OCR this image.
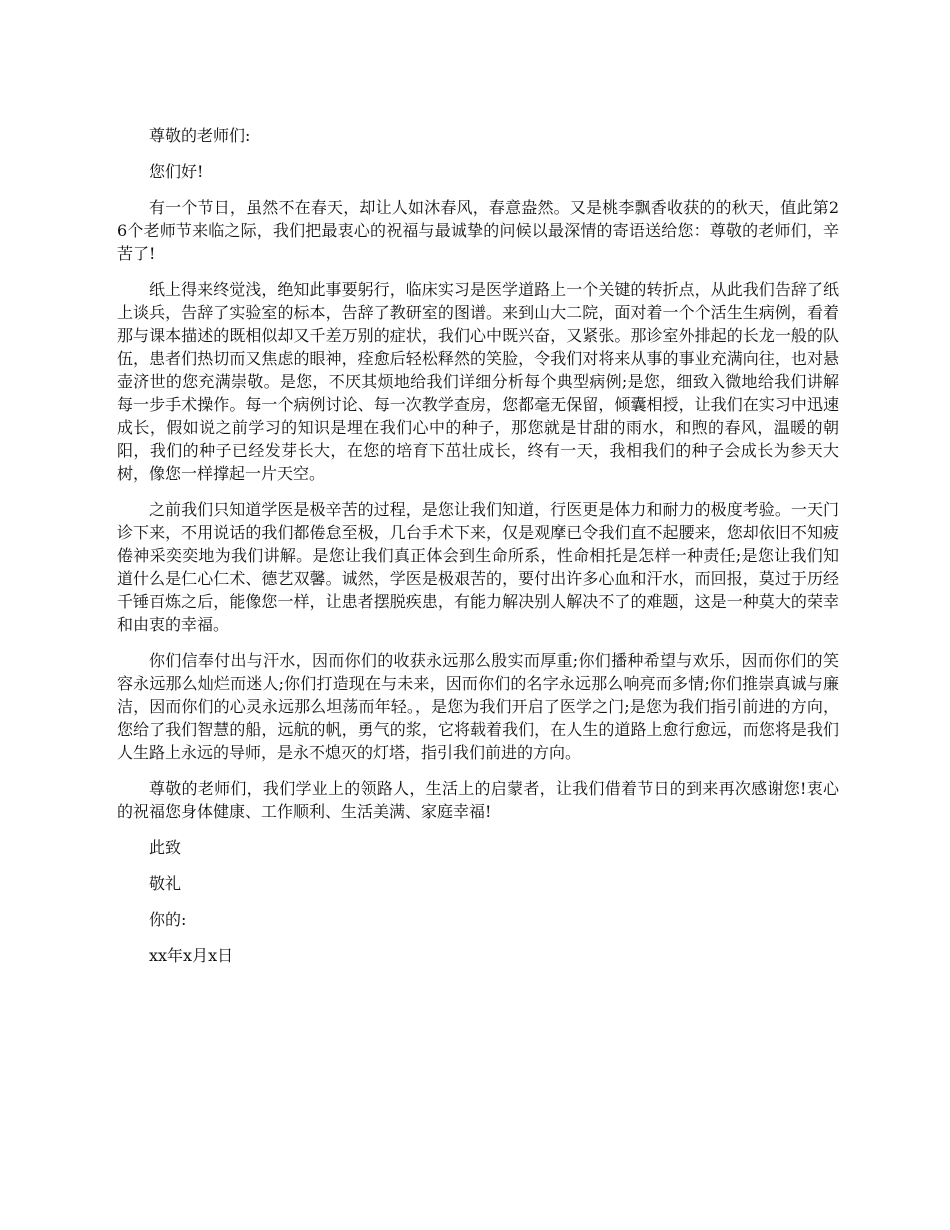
尊敬的老师们:

您们好!

有一个节日，虽然不在春天，却让人如沐春风，春意盎然。又是桃李飘香收获的的秋天，值此第26个老师节来临之际，我们把最衷心的祝福与最诚挚的问候以最深情的寄语送给您：尊敬的老师们，辛苦了!

纸上得来终觉浅，绝知此事要躬行，临床实习是医学道路上一个关键的转折点，从此我们告辞了纸上谈兵，告辞了实验室的标本，告辞了教研室的图谱。来到山大二院，面对着一个个活生生病例，看着那与课本描述的既相似却又千差万别的症状，我们心中既兴奋，又紧张。那诊室外排起的长龙一般的队伍，患者们热切而又焦虑的眼神，痊愈后轻松释然的笑脸，令我们对将来从事的事业充满向往，也对悬壶济世的您充满崇敬。是您，不厌其烦地给我们详细分析每个典型病例;是您，细致入微地给我们讲解每一步手术操作。每一个病例讨论、每一次教学查房，您都毫无保留，倾囊相授，让我们在实习中迅速成长，假如说之前学习的知识是埋在我们心中的种子，那您就是甘甜的雨水，和煦的春风，温暖的朝阳，我们的种子已经发芽长大，在您的培育下茁壮成长，终有一天，我相我们的种子会成长为参天大树，像您一样撑起一片天空。

之前我们只知道学医是极辛苦的过程，是您让我们知道，行医更是体力和耐力的极度考验。一天门诊下来，不用说话的我们都倦怠至极，几台手术下来，仅是观摩已令我们直不起腰来，您却依旧不知疲倦神采奕奕地为我们讲解。是您让我们真正体会到生命所系，性命相托是怎样一种责任;是您让我们知道什么是仁心仁术、德艺双馨。诚然，学医是极艰苦的，要付出许多心血和汗水，而回报，莫过于历经千锤百炼之后，能像您一样，让患者摆脱疾患，有能力解决别人解决不了的难题，这是一种莫大的荣幸和由衷的幸福。

你们信奉付出与汗水，因而你们的收获永远那么殷实而厚重;你们播种希望与欢乐，因而你们的笑容永远那么灿烂而迷人;你们打造现在与未来，因而你们的名字永远那么响亮而多情;你们推崇真诚与廉洁，因而你们的心灵永远那么坦荡而年轻。，是您为我们开启了医学之门;是您为我们指引前进的方向，您给了我们智慧的船，远航的帆，勇气的浆，它将载着我们，在人生的道路上愈行愈远，而您将是我们人生路上永远的导师，是永不熄灭的灯塔，指引我们前进的方向。

尊敬的老师们，我们学业上的领路人，生活上的启蒙者，让我们借着节日的到来再次感谢您!衷心的祝福您身体健康、工作顺利、生活美满、家庭幸福!

此致

敬礼

你的:

xx年x月x日
